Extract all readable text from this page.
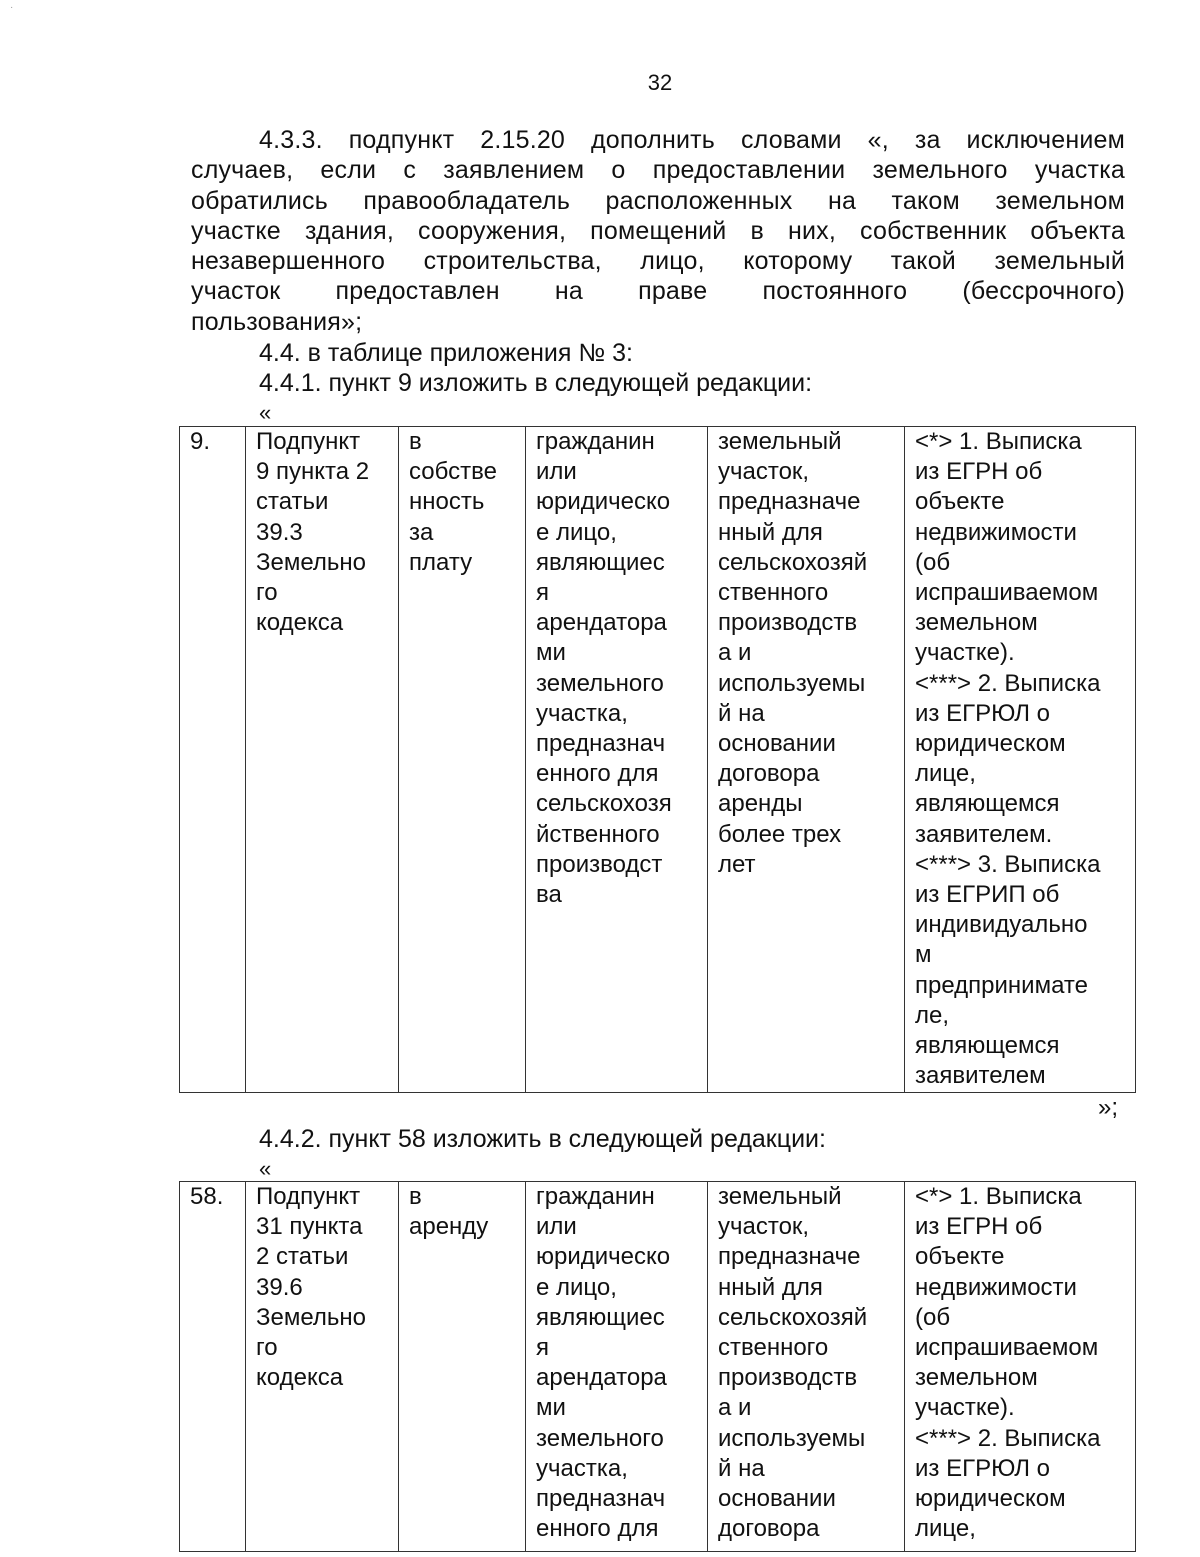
·
32
4.3.3. подпункт 2.15.20 дополнить словами «, за исключением
случаев, если с заявлением о предоставлении земельного участка
обратились правообладатель расположенных на таком земельном
участке здания, сооружения, помещений в них, собственник объекта
незавершенного строительства, лицо, которому такой земельный
участок предоставлен на праве постоянного (бессрочного)
пользования»;
4.4. в таблице приложения № 3:
4.4.1. пункт 9 изложить в следующей редакции:
«
9.	Подпункт
9 пункта 2
статьи
39.3
Земельно
го
кодекса

в
собстве
нность
за
плату

гражданин
или
юридическо
е лицо,
являющиес
я
арендатора
ми
земельного
участка,
предназнач
енного для
сельскохозя
йственного
производст
ва

земельный
участок,
предназначе
нный для
сельскохозяй
ственного
производств
а и
используемы
й на
основании
договора
аренды
более трех
лет

<*> 1. Выписка
из ЕГРН об
объекте
недвижимости
(об
испрашиваемом
земельном
участке).
<***> 2. Выписка
из ЕГРЮЛ о
юридическом
лице,
являющемся
заявителем.
<***> 3. Выписка
из ЕГРИП об
индивидуально
м
предпринимате
ле,
являющемся
заявителем
»;
4.4.2. пункт 58 изложить в следующей редакции:
«
58.	Подпункт
31 пункта
2 статьи
39.6
Земельно
го
кодекса

в
аренду

гражданин
или
юридическо
е лицо,
являющиес
я
арендатора
ми
земельного
участка,
предназнач
енного для

земельный
участок,
предназначе
нный для
сельскохозяй
ственного
производств
а и
используемы
й на
основании
договора

<*> 1. Выписка
из ЕГРН об
объекте
недвижимости
(об
испрашиваемом
земельном
участке).
<***> 2. Выписка
из ЕГРЮЛ о
юридическом
лице,
